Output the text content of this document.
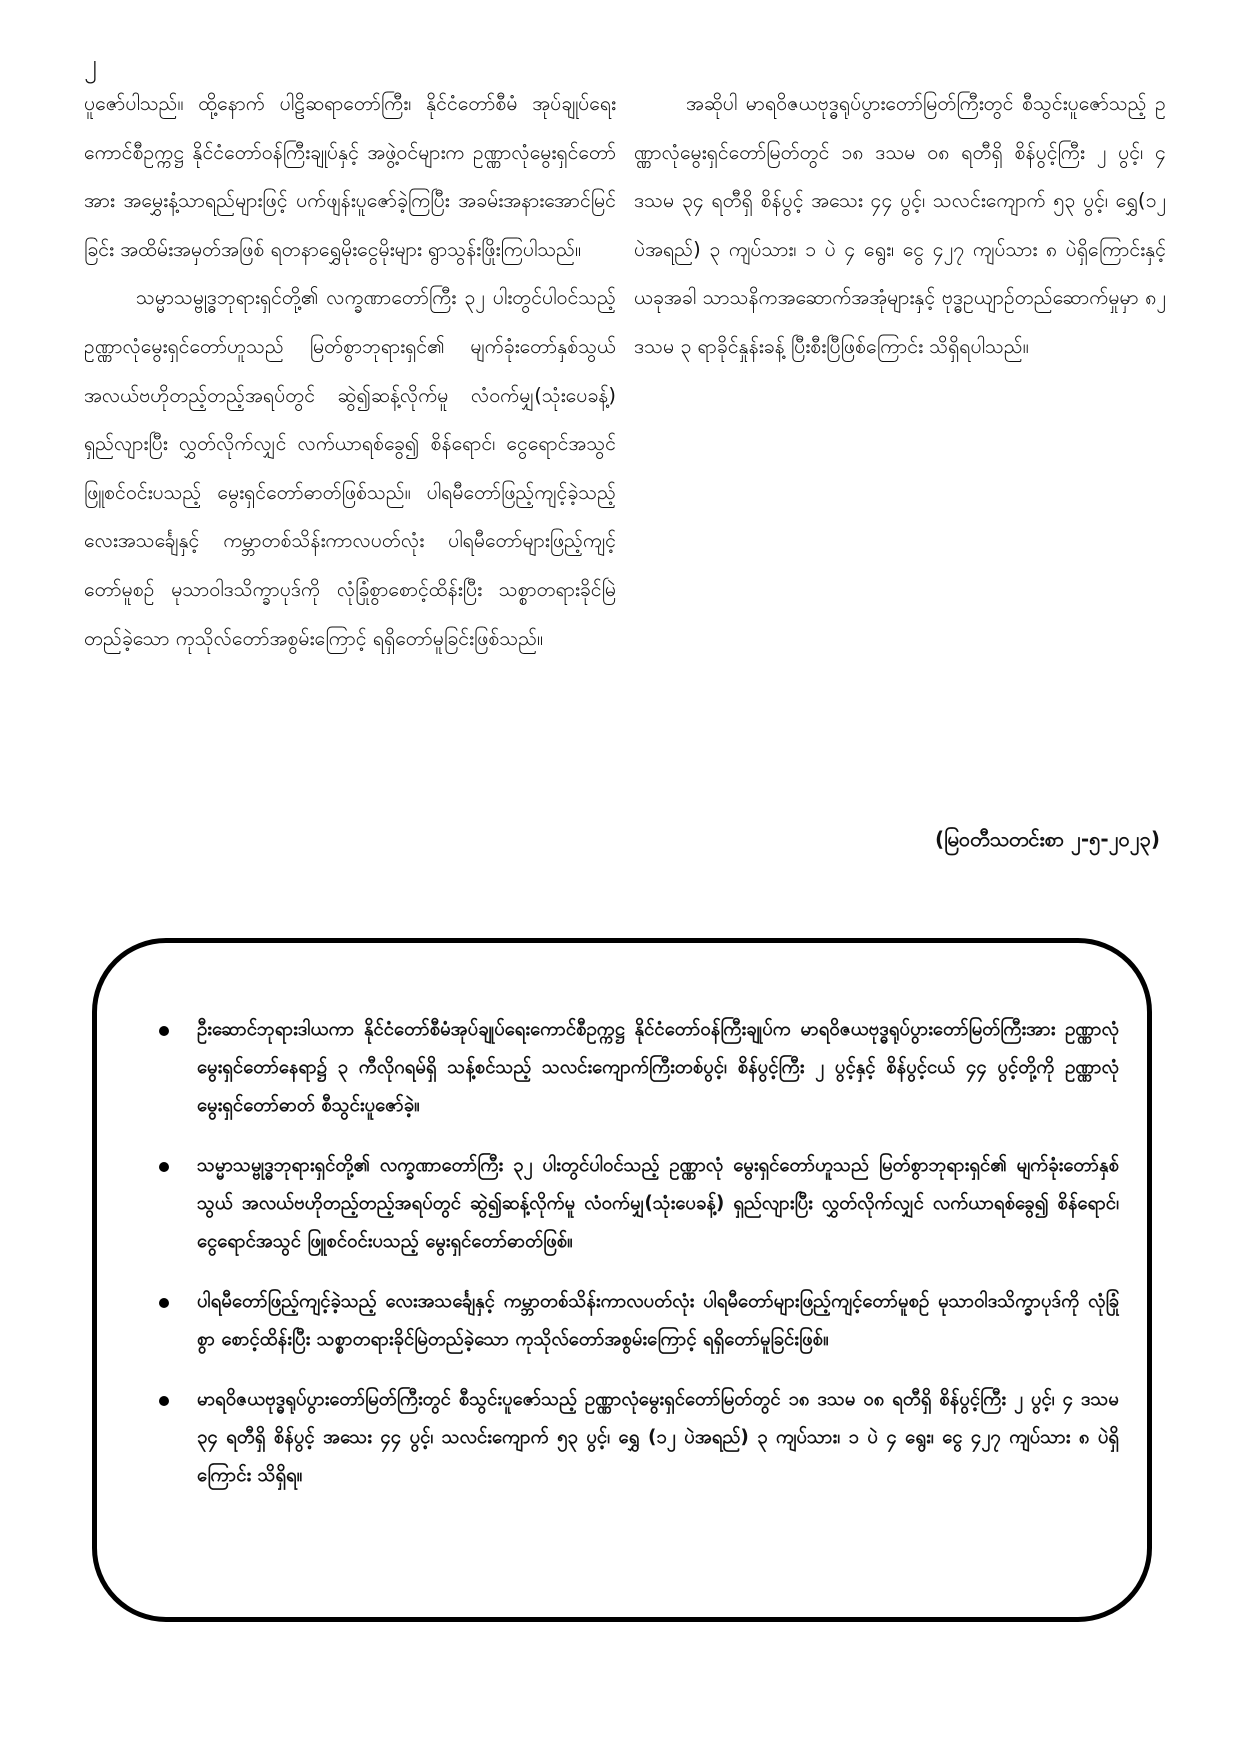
၂

ပူဇော်ပါသည်။ ထို့နောက် ပါဠိဆရာတော်ကြီး၊ နိုင်ငံတော်စီမံ အုပ်ချုပ်ရေးကောင်စီဥက္ကဋ္ဌ နိုင်ငံတော်ဝန်ကြီးချုပ်နှင့် အဖွဲ့ဝင်များက ဥဏ္ဏာလုံမွေးရှင်တော်အား အမွှေးနံ့သာရည်များဖြင့် ပက်ဖျန်းပူဇော်ခဲ့ကြပြီး အခမ်းအနားအောင်မြင်ခြင်း အထိမ်းအမှတ်အဖြစ် ရတနာရွှေမိုးငွေမိုးများ ရွာသွန်းဖြိုးကြပါသည်။

သမ္မာသမ္ဗုဒ္ဓဘုရားရှင်တို့၏ လက္ခဏာတော်ကြီး ၃၂ ပါးတွင်ပါဝင်သည့် ဥဏ္ဏာလုံမွေးရှင်တော်ဟူသည် မြတ်စွာဘုရားရှင်၏ မျက်ခုံးတော်နှစ်သွယ် အလယ်ဗဟိုတည့်တည့်အရပ်တွင် ဆွဲ၍ဆန့်လိုက်မူ လံဝက်မျှ(သုံးပေခန့်) ရှည်လျားပြီး လွှတ်လိုက်လျှင် လက်ယာရစ်ခွေ၍ စိန်ရောင်၊ ငွေရောင်အသွင် ဖြူစင်ဝင်းပသည့် မွေးရှင်တော်ဓာတ်ဖြစ်သည်။ ပါရမီတော်ဖြည့်ကျင့်ခဲ့သည့် လေးအသင်္ချေနှင့် ကမ္ဘာတစ်သိန်းကာလပတ်လုံး ပါရမီတော်များဖြည့်ကျင့်တော်မူစဉ် မုသာဝါဒသိက္ခာပုဒ်ကို လုံခြုံစွာစောင့်ထိန်းပြီး သစ္စာတရားခိုင်မြဲတည်ခဲ့သော ကုသိုလ်တော်အစွမ်းကြောင့် ရရှိတော်မူခြင်းဖြစ်သည်။

အဆိုပါ မာရဝိဇယဗုဒ္ဓရုပ်ပွားတော်မြတ်ကြီးတွင် စီသွင်းပူဇော်သည့် ဥဏ္ဏာလုံမွေးရှင်တော်မြတ်တွင် ၁၈ ဒသမ ၀၈ ရတီရှိ စိန်ပွင့်ကြီး ၂ ပွင့်၊ ၄ ဒသမ ၃၄ ရတီရှိ စိန်ပွင့် အသေး ၄၄ ပွင့်၊ သလင်းကျောက် ၅၃ ပွင့်၊ ရွှေ(၁၂ ပဲအရည်) ၃ ကျပ်သား၊ ၁ ပဲ ၄ ရွေး၊ ငွေ ၄၂၇ ကျပ်သား ၈ ပဲရှိကြောင်းနှင့် ယခုအခါ သာသနိကအဆောက်အအုံများနှင့် ဗုဒ္ဓဥယျာဉ်တည်ဆောက်မှုမှာ ၈၂ ဒသမ ၃ ရာခိုင်နှုန်းခန့် ပြီးစီးပြီဖြစ်ကြောင်း သိရှိရပါသည်။

(မြဝတီသတင်းစာ ၂-၅-၂၀၂၃)
ဦးဆောင်ဘုရားဒါယကာ နိုင်ငံတော်စီမံအုပ်ချုပ်ရေးကောင်စီဥက္ကဋ္ဌ နိုင်ငံတော်ဝန်ကြီးချုပ်က မာရဝိဇယဗုဒ္ဓရုပ်ပွားတော်မြတ်ကြီးအား ဥဏ္ဏာလုံမွေးရှင်တော်နေရာ၌ ၃ ကီလိုဂရမ်ရှိ သန့်စင်သည့် သလင်းကျောက်ကြီးတစ်ပွင့်၊ စိန်ပွင့်ကြီး ၂ ပွင့်နှင့် စိန်ပွင့်ငယ် ၄၄ ပွင့်တို့ကို ဥဏ္ဏာလုံမွေးရှင်တော်ဓာတ် စီသွင်းပူဇော်ခဲ့။
သမ္မာသမ္ဗုဒ္ဓဘုရားရှင်တို့၏ လက္ခဏာတော်ကြီး ၃၂ ပါးတွင်ပါဝင်သည့် ဥဏ္ဏာလုံ မွေးရှင်တော်ဟူသည် မြတ်စွာဘုရားရှင်၏ မျက်ခုံးတော်နှစ်သွယ် အလယ်ဗဟိုတည့်တည့်အရပ်တွင် ဆွဲ၍ဆန့်လိုက်မူ လံဝက်မျှ(သုံးပေခန့်) ရှည်လျားပြီး လွှတ်လိုက်လျှင် လက်ယာရစ်ခွေ၍ စိန်ရောင်၊ ငွေရောင်အသွင် ဖြူစင်ဝင်းပသည့် မွေးရှင်တော်ဓာတ်ဖြစ်။
ပါရမီတော်ဖြည့်ကျင့်ခဲ့သည့် လေးအသင်္ချေနှင့် ကမ္ဘာတစ်သိန်းကာလပတ်လုံး ပါရမီတော်များဖြည့်ကျင့်တော်မူစဉ် မုသာဝါဒသိက္ခာပုဒ်ကို လုံခြုံစွာ စောင့်ထိန်းပြီး သစ္စာတရားခိုင်မြဲတည်ခဲ့သော ကုသိုလ်တော်အစွမ်းကြောင့် ရရှိတော်မူခြင်းဖြစ်။
မာရဝိဇယဗုဒ္ဓရုပ်ပွားတော်မြတ်ကြီးတွင် စီသွင်းပူဇော်သည့် ဥဏ္ဏာလုံမွေးရှင်တော်မြတ်တွင် ၁၈ ဒသမ ၀၈ ရတီရှိ စိန်ပွင့်ကြီး ၂ ပွင့်၊ ၄ ဒသမ ၃၄ ရတီရှိ စိန်ပွင့် အသေး ၄၄ ပွင့်၊ သလင်းကျောက် ၅၃ ပွင့်၊ ရွှေ (၁၂ ပဲအရည်) ၃ ကျပ်သား၊ ၁ ပဲ ၄ ရွေး၊ ငွေ ၄၂၇ ကျပ်သား ၈ ပဲရှိကြောင်း သိရှိရ။
